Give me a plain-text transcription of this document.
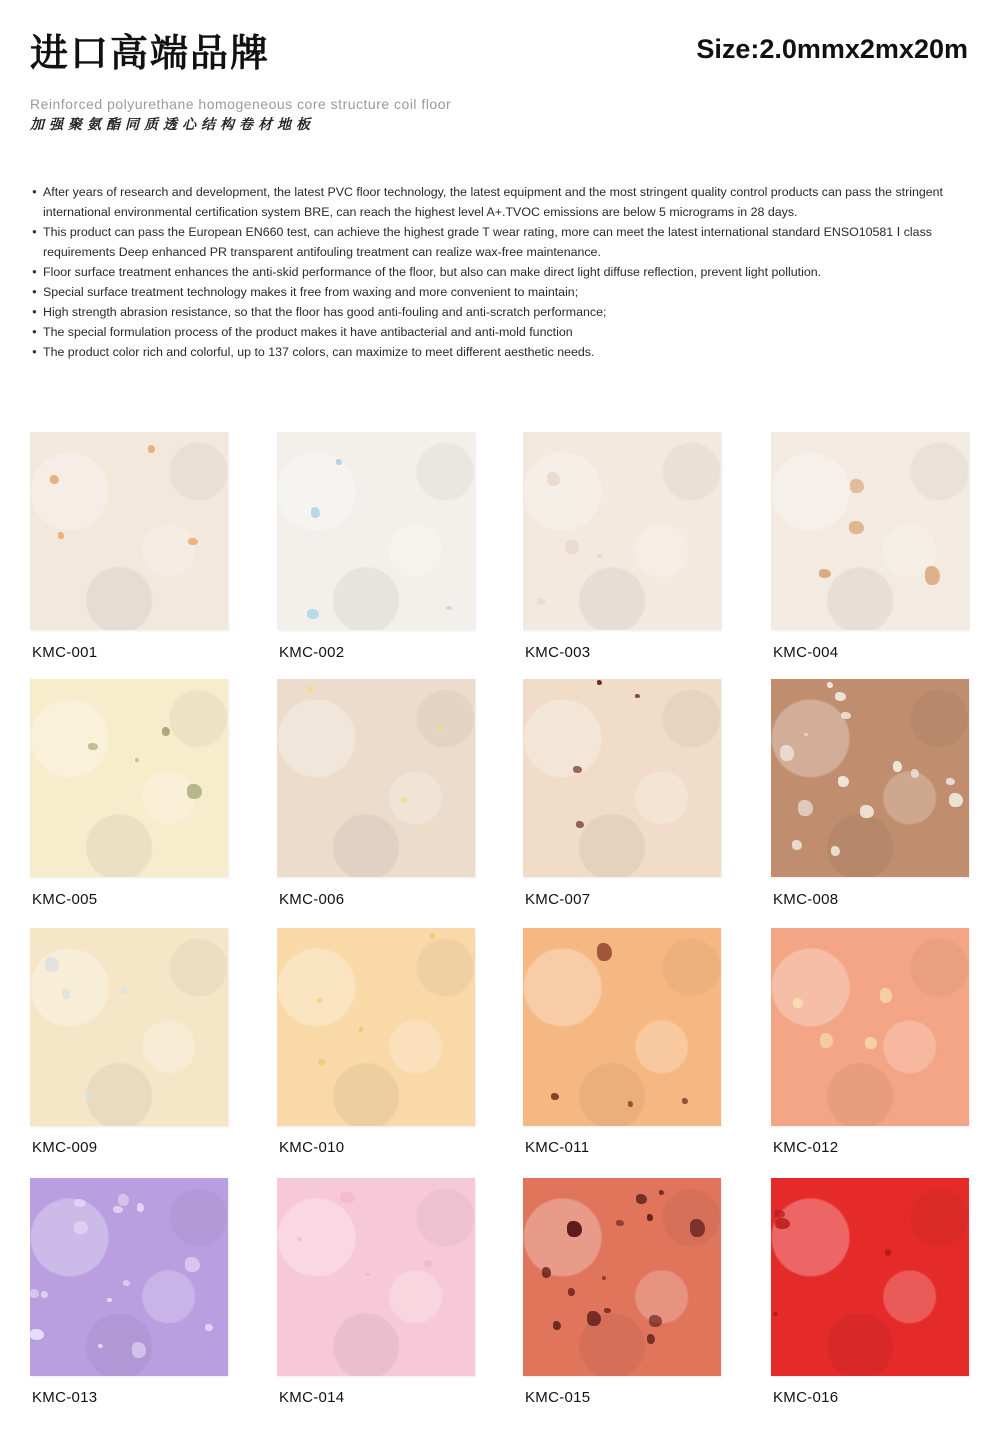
进口高端品牌	Size:2.0mmx2mx20m
Reinforced polyurethane homogeneous core structure coil floor
加强聚氨酯同质透心结构卷材地板
● After years of research and development, the latest PVC floor technology, the latest equipment and the most stringent quality control products can pass the stringent international environmental certification system BRE, can reach the highest level A+.TVOC emissions are below 5 micrograms in 28 days.
● This product can pass the European EN660 test, can achieve the highest grade T wear rating, more can meet the latest international standard ENSO10581 Ⅰ class requirements Deep enhanced PR transparent antifouling treatment can realize wax-free maintenance.
● Floor surface treatment enhances the anti-skid performance of the floor, but also can make direct light diffuse reflection, prevent light pollution.
● Special surface treatment technology makes it free from waxing and more convenient to maintain;
● High strength abrasion resistance, so that the floor has good anti-fouling and anti-scratch performance;
● The special formulation process of the product makes it have antibacterial and anti-mold function
● The product color rich and colorful, up to 137 colors, can maximize to meet different aesthetic needs.
KMC-001	KMC-002	KMC-003	KMC-004
KMC-005	KMC-006	KMC-007	KMC-008
KMC-009	KMC-010	KMC-011	KMC-012
KMC-013	KMC-014	KMC-015	KMC-016
